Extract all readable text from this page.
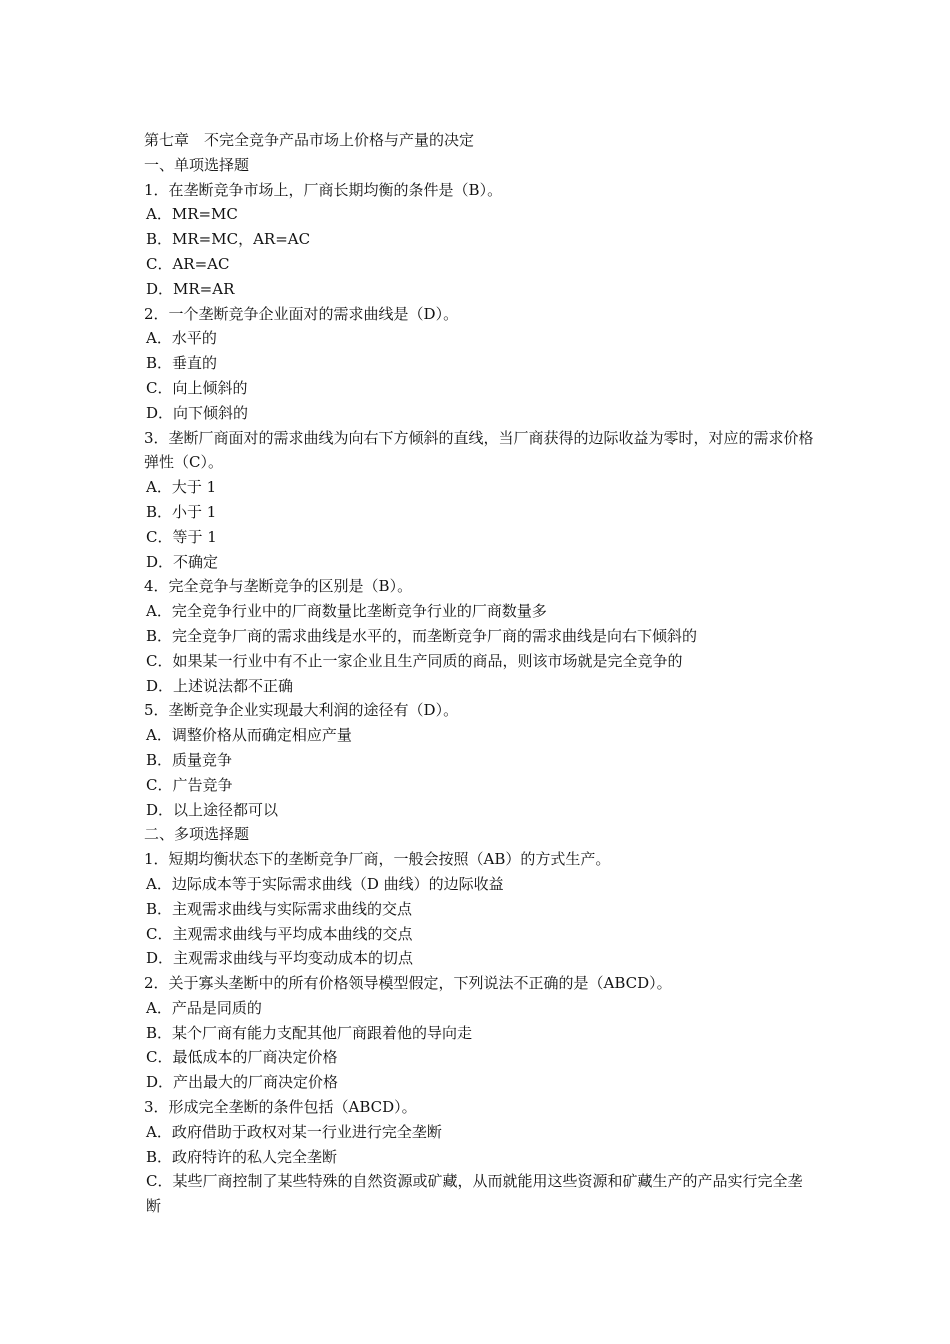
第七章　不完全竞争产品市场上价格与产量的决定
一、单项选择题
1．在垄断竞争市场上，厂商长期均衡的条件是（B）。
A．MR=MC
B．MR=MC，AR=AC
C．AR=AC
D．MR=AR
2．一个垄断竞争企业面对的需求曲线是（D）。
A．水平的
B．垂直的
C．向上倾斜的
D．向下倾斜的
3．垄断厂商面对的需求曲线为向右下方倾斜的直线，当厂商获得的边际收益为零时，对应的需求价格弹性（C）。
A．大于 1
B．小于 1
C．等于 1
D．不确定
4．完全竞争与垄断竞争的区别是（B）。
A．完全竞争行业中的厂商数量比垄断竞争行业的厂商数量多
B．完全竞争厂商的需求曲线是水平的，而垄断竞争厂商的需求曲线是向右下倾斜的
C．如果某一行业中有不止一家企业且生产同质的商品，则该市场就是完全竞争的
D．上述说法都不正确
5．垄断竞争企业实现最大利润的途径有（D）。
A．调整价格从而确定相应产量
B．质量竞争
C．广告竞争
D．以上途径都可以
二、多项选择题
1．短期均衡状态下的垄断竞争厂商，一般会按照（AB）的方式生产。
A．边际成本等于实际需求曲线（D 曲线）的边际收益
B．主观需求曲线与实际需求曲线的交点
C．主观需求曲线与平均成本曲线的交点
D．主观需求曲线与平均变动成本的切点
2．关于寡头垄断中的所有价格领导模型假定，下列说法不正确的是（ABCD）。
A．产品是同质的
B．某个厂商有能力支配其他厂商跟着他的导向走
C．最低成本的厂商决定价格
D．产出最大的厂商决定价格
3．形成完全垄断的条件包括（ABCD）。
A．政府借助于政权对某一行业进行完全垄断
B．政府特许的私人完全垄断
C．某些厂商控制了某些特殊的自然资源或矿藏，从而就能用这些资源和矿藏生产的产品实行完全垄断
